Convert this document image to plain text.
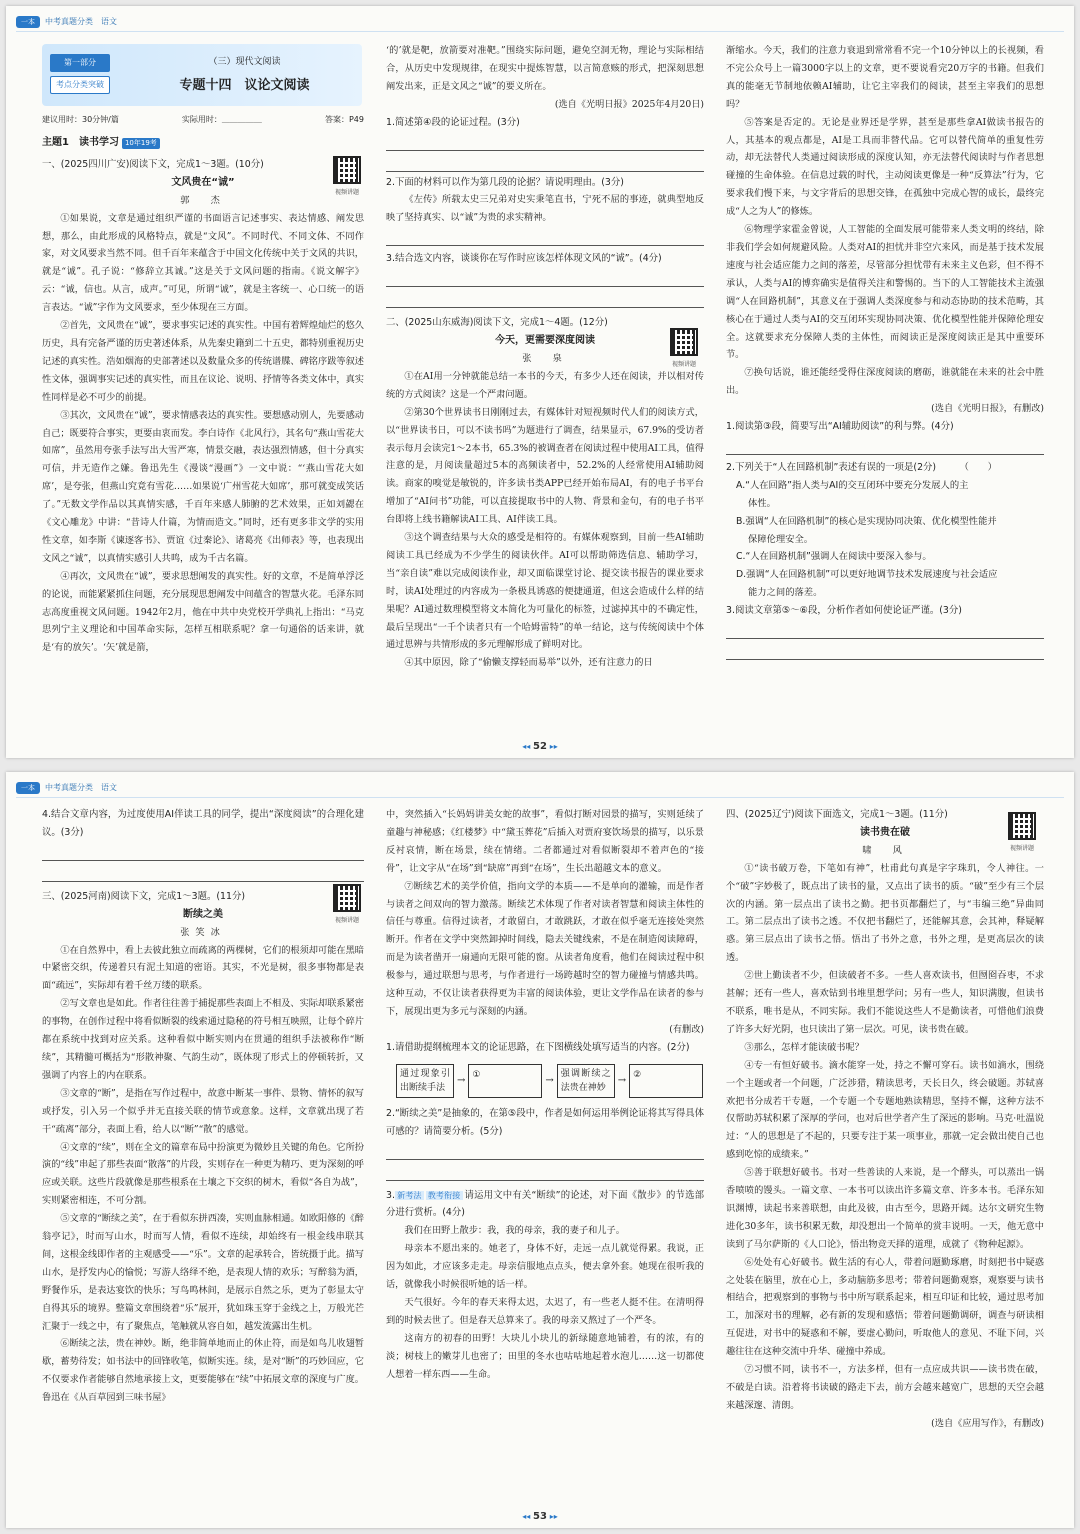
一本	中考真题分类 语文
第一部分
考点分类突破
（三）现代文阅读
专题十四　议论文阅读
建议用时：30分钟/篇	实际用时：＿＿＿＿＿	答案：P49
主题1　读书学习 10年19考
一、(2025四川广安)阅读下文，完成1～3题。(10分)
文风贵在“诚”
郭　杰

①如果说，文章是通过组织严谨的书面语言记述事实、表达情感、阐发思想，那么，由此形成的风格特点，就是“文风”。不同时代、不同文体、不同作家，对文风要求当然不同。但千百年来蕴含于中国文化传统中关于文风的共识，就是“诚”。孔子说：“修辞立其诚。”这是关于文风问题的指南。《说文解字》云：“诚，信也。从言，成声。”可见，所谓“诚”，就是主客统一、心口统一的语言表达。“诚”字作为文风要求，至少体现在三方面。

②首先，文风贵在“诚”，要求事实记述的真实性。中国有着辉煌灿烂的悠久历史，具有完备严谨的历史著述体系，从先秦史籍到二十五史，都特别重视历史记述的真实性。浩如烟海的史部著述以及数量众多的传统谱牒、碑铭序跋等叙述性文体，强调事实记述的真实性，而且在议论、说明、抒情等各类文体中，真实性同样是必不可少的前提。

③其次，文风贵在“诚”，要求情感表达的真实性。要想感动别人，先要感动自己；既要符合事实，更要由衷而发。李白诗作《北风行》，其名句“燕山雪花大如席”，虽然用夸张手法写出大雪严寒，情景交融，表达强烈情感，但十分真实可信，并无造作之嫌。鲁迅先生《漫谈“漫画”》一文中说：“‘燕山雪花大如席’，是夸张，但燕山究竟有雪花……如果说‘广州雪花大如席’，那可就变成笑话了。”无数文学作品以其真情实感，千百年来感人肺腑的艺术效果，正如刘勰在《文心雕龙》中讲：“昔诗人什篇，为情而造文。”同时，还有更多非文学的实用性文章，如李斯《谏逐客书》、贾谊《过秦论》、诸葛亮《出师表》等，也表现出文风之“诚”，以真情实感引人共鸣，成为千古名篇。

④再次，文风贵在“诚”，要求思想阐发的真实性。好的文章，不是简单浮泛的论说，而能紧紧抓住问题，充分展现思想阐发中间蕴含的智慧火花。毛泽东同志高度重视文风问题。1942年2月，他在中共中央党校开学典礼上指出：“马克思列宁主义理论和中国革命实际，怎样互相联系呢？拿一句通俗的话来讲，就是‘有的放矢’。‘矢’就是箭，

视频讲题

‘的’就是靶，放箭要对准靶。”围绕实际问题，避免空洞无物，理论与实际相结合，从历史中发现规律，在现实中提炼智慧，以言简意赅的形式，把深刻思想阐发出来，正是文风之“诚”的要义所在。

(选自《光明日报》2025年4月20日)

1.简述第④段的论证过程。(3分)
2.下面的材料可以作为第几段的论据？请说明理由。(3分)

《左传》所载太史三兄弟对史实秉笔直书，宁死不屈的事迹，就典型地反映了坚持真实、以“诚”为贵的求实精神。

3.结合选文内容，谈谈你在写作时应该怎样体现文风的“诚”。(4分)
二、(2025山东威海)阅读下文，完成1～4题。(12分)
今天，更需要深度阅读
张　泉

①在AI用一分钟就能总结一本书的今天，有多少人还在阅读，并以相对传统的方式阅读？这是一个严肃问题。

②第30个世界读书日刚刚过去，有媒体针对短视频时代人们的阅读方式，以“世界读书日，可以不读书吗”为题进行了调查，结果显示，67.9%的受访者表示每月会读完1～2本书，65.3%的被调查者在阅读过程中使用AI工具，值得注意的是，月阅读量超过5本的高频读者中，52.2%的人经常使用AI辅助阅读。商家的嗅觉是敏锐的，许多读书类APP已经开始布局AI，有的电子书平台增加了“AI问书”功能，可以直接提取书中的人物、背景和金句，有的电子书平台即将上线书籍解读AI工具、AI伴读工具。

③这个调查结果与大众的感受是相符的。有媒体观察到，目前一些AI辅助阅读工具已经成为不少学生的阅读伙伴。AI可以帮助筛选信息、辅助学习，当“亲自读”难以完成阅读作业，却又面临课堂讨论、提交读书报告的课业要求时，读AI处理过的内容成为一条极具诱惑的便捷通道，但这会造成什么样的结果呢？AI通过数理模型将文本简化为可量化的标签，过滤掉其中的不确定性，最后呈现出“一千个读者只有一个哈姆雷特”的单一结论，这与传统阅读中个体通过思辨与共情形成的多元理解形成了鲜明对比。

④其中原因，除了“偷懒支撑轻而易举”以外，还有注意力的日

视频讲题

渐缩水。今天，我们的注意力衰退到常常看不完一个10分钟以上的长视频，看不完公众号上一篇3000字以上的文章，更不要说看完20万字的书籍。但我们真的能毫无节制地依赖AI辅助，让它主宰我们的阅读，甚至主宰我们的思想吗？

⑤答案是否定的。无论是业界还是学界，甚至是那些拿AI做读书报告的人，其基本的观点都是，AI是工具而非替代品。它可以替代简单的重复性劳动，却无法替代人类通过阅读形成的深度认知，亦无法替代阅读时与作者思想碰撞的生命体验。在信息过载的时代，主动阅读更像是一种“反算法”行为，它要求我们慢下来，与文字背后的思想交锋，在孤独中完成心智的成长，最终完成“人之为人”的修炼。

⑥物理学家霍金曾说，人工智能的全面发展可能带来人类文明的终结，除非我们学会如何规避风险。人类对AI的担忧并非空穴来风，而是基于技术发展速度与社会适应能力之间的落差，尽管部分担忧带有未来主义色彩，但不得不承认，人类与AI的博弈确实是值得关注和警惕的。当下的人工智能技术主流强调“人在回路机制”，其意义在于强调人类深度参与和动态协助的技术范畴，其核心在于通过人类与AI的交互闭环实现协同决策、优化模型性能并保障伦理安全。这就要求充分保障人类的主体性，而阅读正是深度阅读正是其中重要环节。

⑦换句话说，谁还能经受得住深度阅读的磨砺，谁就能在未来的社会中胜出。

(选自《光明日报》，有删改)

1.阅读第③段，简要写出“AI辅助阅读”的利与弊。(4分)
2.下列关于“人在回路机制”表述有误的一项是(2分)　　　（　　）
A.“人在回路”指人类与AI的交互闭环中要充分发展人的主
体性。
B.强调“人在回路机制”的核心是实现协同决策、优化模型性能并
保障伦理安全。
C.“人在回路机制”强调人在阅读中要深入参与。
D.强调“人在回路机制”可以更好地调节技术发展速度与社会适应
能力之间的落差。
3.阅读文章第⑤～⑥段，分析作者如何使论证严谨。(3分)
◂◂ 52 ▸▸
一本	中考真题分类 语文
4.结合文章内容，为过度使用AI伴读工具的同学，提出“深度阅读”的合理化建议。(3分)
三、(2025河南)阅读下文，完成1～3题。(11分)
断续之美
张笑冰

①在自然界中，看上去彼此独立而疏离的两棵树，它们的根须却可能在黑暗中紧密交织，传递着只有泥土知道的密语。其实，不光是树，很多事物都是表面“疏远”，实际却有着千丝万缕的联系。

②写文章也是如此。作者往往善于捕捉那些表面上不相及、实际却联系紧密的事物，在创作过程中将看似断裂的线索通过隐秘的符号相互映照，让每个碎片都在系统中找到对应关系。这种看似中断实则内在贯通的组织手法被称作“断续”，其精髓可概括为“形散神聚、气韵生动”，既体现了形式上的停顿转折，又强调了内容上的内在联系。

③文章的“断”，是指在写作过程中，故意中断某一事件、景物、情怀的叙写或抒发，引入另一个似乎并无直接关联的情节或意象。这样，文章就出现了若干“疏离”部分，表面上看，给人以“断”“散”的感觉。

④文章的“续”，则在全文的篇章布局中扮演更为微妙且关键的角色。它所扮演的“线”串起了那些表面“散落”的片段，实则存在一种更为精巧、更为深刻的呼应或关联。这些片段就像是那些根系在土壤之下交织的树木，看似“各自为战”，实则紧密相连，不可分割。

⑤文章的“断续之美”，在于看似东拼西凑，实则血脉相通。如欧阳修的《醉翁亭记》，时而写山水，时而写人情，看似不连续，却始终有一根金线串联其间，这根金线即作者的主观感受——“乐”。文章的起承转合，皆统摄于此。描写山水，是抒发内心的愉悦；写游人络绎不绝，是表现人情的欢乐；写醉翁为酒，野餐作乐，是表达宴饮的快乐；写鸟鸣林间，是展示自然之乐，更为了彰显太守自得其乐的境界。整篇文章围绕着“乐”展开，犹如珠玉穿于金线之上，万般光芒汇聚于一线之中，有了聚焦点，笔触就从容自如，越发流露出生机。

⑥断续之法，贵在神妙。断，绝非简单地而止的休止符，而是如鸟儿收翅暂歇，蓄势待发；如书法中的回锋收笔，似断实连。续，是对“断”的巧妙回应，它不仅要求作者能够自然地承接上文，更要能够在“续”中拓展文章的深度与广度。鲁迅在《从百草园到三味书屋》

视频讲题

中，突然插入“长妈妈讲美女蛇的故事”，看似打断对园景的描写，实则延续了童趣与神秘感；《红楼梦》中“黛玉葬花”后插入对贾府宴饮场景的描写，以乐景反衬哀情，断在场景，续在情绪。二者都通过对看似断裂却不着声色的“接骨”，让文字从“在场”到“缺席”再到“在场”，生长出超越文本的意义。

⑦断续艺术的美学价值，指向文学的本质——不是单向的灌输，而是作者与读者之间双向的智力激荡。断续艺术体现了作者对读者智慧和阅读主体性的信任与尊重。信得过读者，才敢留白，才敢跳跃，才敢在似乎毫无连接处突然断开。作者在文学中突然卸掉时间线，隐去关键线索，不是在制造阅读障碍，而是为读者凿开一扇通向无限可能的窗。从读者角度看，他们在阅读过程中积极参与，通过联想与思考，与作者进行一场跨越时空的智力碰撞与情感共鸣。这种互动，不仅让读者获得更为丰富的阅读体验，更让文学作品在读者的参与下，展现出更为多元与深刻的内涵。

(有删改)

1.请借助提纲梳理本文的论证思路，在下图横线处填写适当的内容。(2分)
通过现象引出断续手法
→
①
→
强调断续之法贵在神妙
→
②
2.“断续之美”是抽象的，在第⑤段中，作者是如何运用举例论证将其写得具体可感的？请简要分析。(5分)
3. 新考法 教考衔接 请运用文中有关“断续”的论述，对下面《散步》的节选部分进行赏析。(4分)

我们在田野上散步：我，我的母亲，我的妻子和儿子。

母亲本不愿出来的。她老了，身体不好，走远一点儿就觉得累。我说，正因为如此，才应该多走走。母亲信服地点点头，便去拿外套。她现在很听我的话，就像我小时候很听她的话一样。

天气很好。今年的春天来得太迟，太迟了，有一些老人挺不住。在清明得到的时候去世了。但是春天总算来了。我的母亲又熬过了一个严冬。

这南方的初春的田野！大块儿小块儿的新绿随意地铺着，有的浓，有的淡；树枝上的嫩芽儿也密了；田里的冬水也咕咕地起着水泡儿……这一切都使人想着一样东西——生命。

四、(2025辽宁)阅读下面选文，完成1～3题。(11分)
读书贵在破
啸　风

①“读书破万卷，下笔如有神”，杜甫此句真是字字珠玑，令人神往。一个“破”字妙极了，既点出了读书的量，又点出了读书的质。“破”至少有三个层次的内涵。第一层点出了读书之勤。把书页都翻烂了，与“韦编三绝”异曲同工。第二层点出了读书之透。不仅把书翻烂了，还能解其意，会其神，释疑解惑。第三层点出了读书之悟。悟出了书外之意，书外之理，是更高层次的读透。

②世上勤读者不少，但读破者不多。一些人喜欢读书，但囫囵吞枣，不求甚解；还有一些人，喜欢钻到书堆里想学问；另有一些人，知识满腹，但读书不联系，唯书是从，不同实际。我们不能说这些人不是勤读者，可惜他们浪费了许多大好光阴，也只读出了第一层次。可见，读书贵在破。

③那么，怎样才能读破书呢？

④专一有恒好破书。滴水能穿一处，持之不懈可穿石。读书如滴水，围绕一个主题或者一个问题，广泛涉猎，精读思考，天长日久，终会破题。苏轼喜欢把书分成若干专题，一个专题一个专题地熟读精思，坚持不懈，这种方法不仅帮助苏轼积累了深厚的学问，也对后世学者产生了深远的影响。马克·吐温说过：“人的思想是了不起的，只要专注于某一项事业，那就一定会做出使自己也感到吃惊的成绩来。”

⑤善于联想好破书。书对一些善读的人来说，是一个酵头，可以蒸出一锅香喷喷的馒头。一篇文章、一本书可以读出许多篇文章、许多本书。毛泽东知识渊博，读起书来善联想，由此及彼，由古至今，思路开阔。达尔文研究生物进化30多年，读书积累无数，却没想出一个简单的赏丰说明。一天，他无意中读到了马尔萨斯的《人口论》，悟出物竞天择的道理，成就了《物种起源》。

⑥处处有心好破书。做生活的有心人，带着问题勤琢磨，时刻把书中疑惑之处装在脑里，放在心上，多动脑筋多思考；带着问题勤观察，观察要与读书相结合，把观察到的事物与书中所写联系起来，相互印证和比较，通过思考加工，加深对书的理解，必有新的发现和感悟；带着问题勤调研，调查与研读相互促进，对书中的疑惑和不解，要虚心勤问，听取他人的意见、不耻下问，兴趣往往在这种交流中升华、碰撞中养成。

⑦习惯不同，读书不一，方法多样，但有一点应成共识——读书贵在破，不破是白读。沿着将书读破的路走下去，前方会越来越宽广，思想的天空会越来越深邃、清朗。

(选自《应用写作》，有删改)

视频讲题
◂◂ 53 ▸▸
